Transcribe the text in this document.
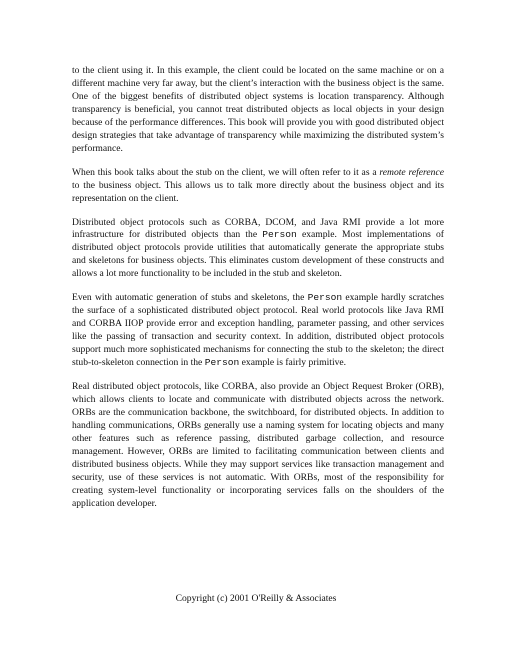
to the client using it. In this example, the client could be located on the same machine or on a different machine very far away, but the client’s interaction with the business object is the same. One of the biggest benefits of distributed object systems is location transparency. Although transparency is beneficial, you cannot treat distributed objects as local objects in your design because of the performance differences. This book will provide you with good distributed object design strategies that take advantage of transparency while maximizing the distributed system’s performance.

When this book talks about the stub on the client, we will often refer to it as a remote reference to the business object. This allows us to talk more directly about the business object and its representation on the client.

Distributed object protocols such as CORBA, DCOM, and Java RMI provide a lot more infrastructure for distributed objects than the Person example. Most implementations of distributed object protocols provide utilities that automatically generate the appropriate stubs and skeletons for business objects. This eliminates custom development of these constructs and allows a lot more functionality to be included in the stub and skeleton.

Even with automatic generation of stubs and skeletons, the Person example hardly scratches the surface of a sophisticated distributed object protocol. Real world protocols like Java RMI and CORBA IIOP provide error and exception handling, parameter passing, and other services like the passing of transaction and security context. In addition, distributed object protocols support much more sophisticated mechanisms for connecting the stub to the skeleton; the direct stub-to-skeleton connection in the Person example is fairly primitive.

Real distributed object protocols, like CORBA, also provide an Object Request Broker (ORB), which allows clients to locate and communicate with distributed objects across the network. ORBs are the communication backbone, the switchboard, for distributed objects. In addition to handling communications, ORBs generally use a naming system for locating objects and many other features such as reference passing, distributed garbage collection, and resource management. However, ORBs are limited to facilitating communication between clients and distributed business objects. While they may support services like transaction management and security, use of these services is not automatic. With ORBs, most of the responsibility for creating system-level functionality or incorporating services falls on the shoulders of the application developer.

Copyright (c) 2001 O'Reilly & Associates
